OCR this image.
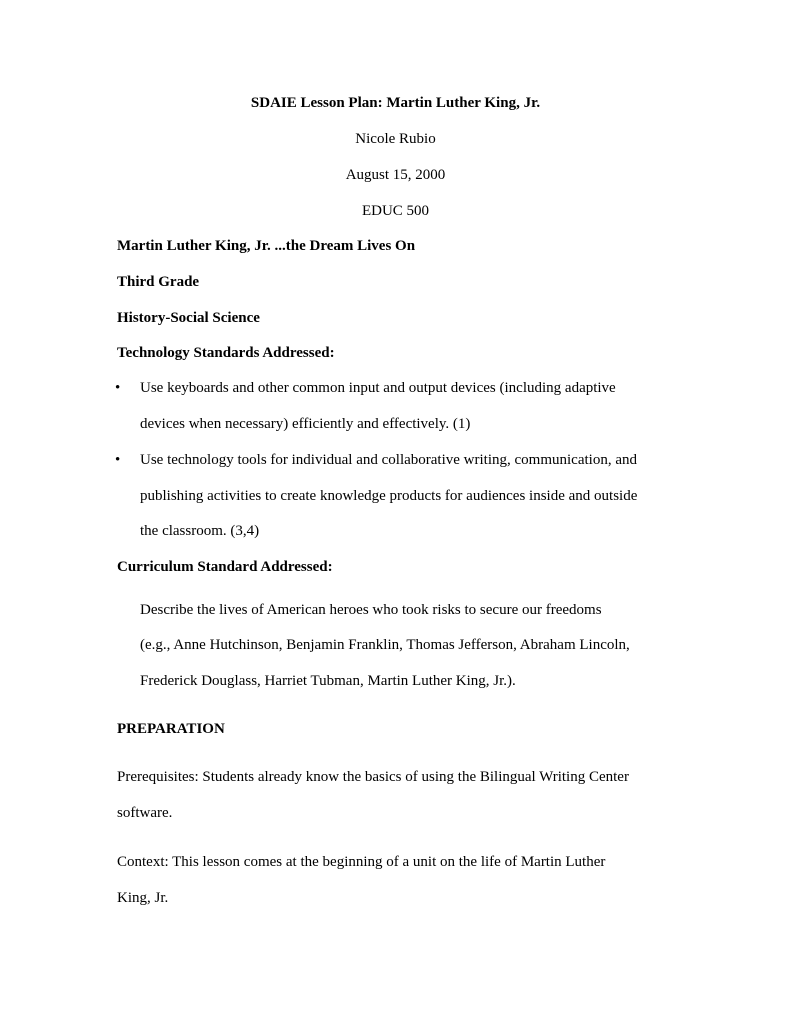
SDAIE Lesson Plan: Martin Luther King, Jr.
Nicole Rubio
August 15, 2000
EDUC 500
Martin Luther King, Jr. ...the Dream Lives On
Third Grade
History-Social Science
Technology Standards Addressed:
• Use keyboards and other common input and output devices (including adaptive
devices when necessary) efficiently and effectively. (1)
• Use technology tools for individual and collaborative writing, communication, and
publishing activities to create knowledge products for audiences inside and outside
the classroom. (3,4)
Curriculum Standard Addressed:
Describe the lives of American heroes who took risks to secure our freedoms
(e.g., Anne Hutchinson, Benjamin Franklin, Thomas Jefferson, Abraham Lincoln,
Frederick Douglass, Harriet Tubman, Martin Luther King, Jr.).
PREPARATION
Prerequisites: Students already know the basics of using the Bilingual Writing Center
software.
Context: This lesson comes at the beginning of a unit on the life of Martin Luther
King, Jr.
